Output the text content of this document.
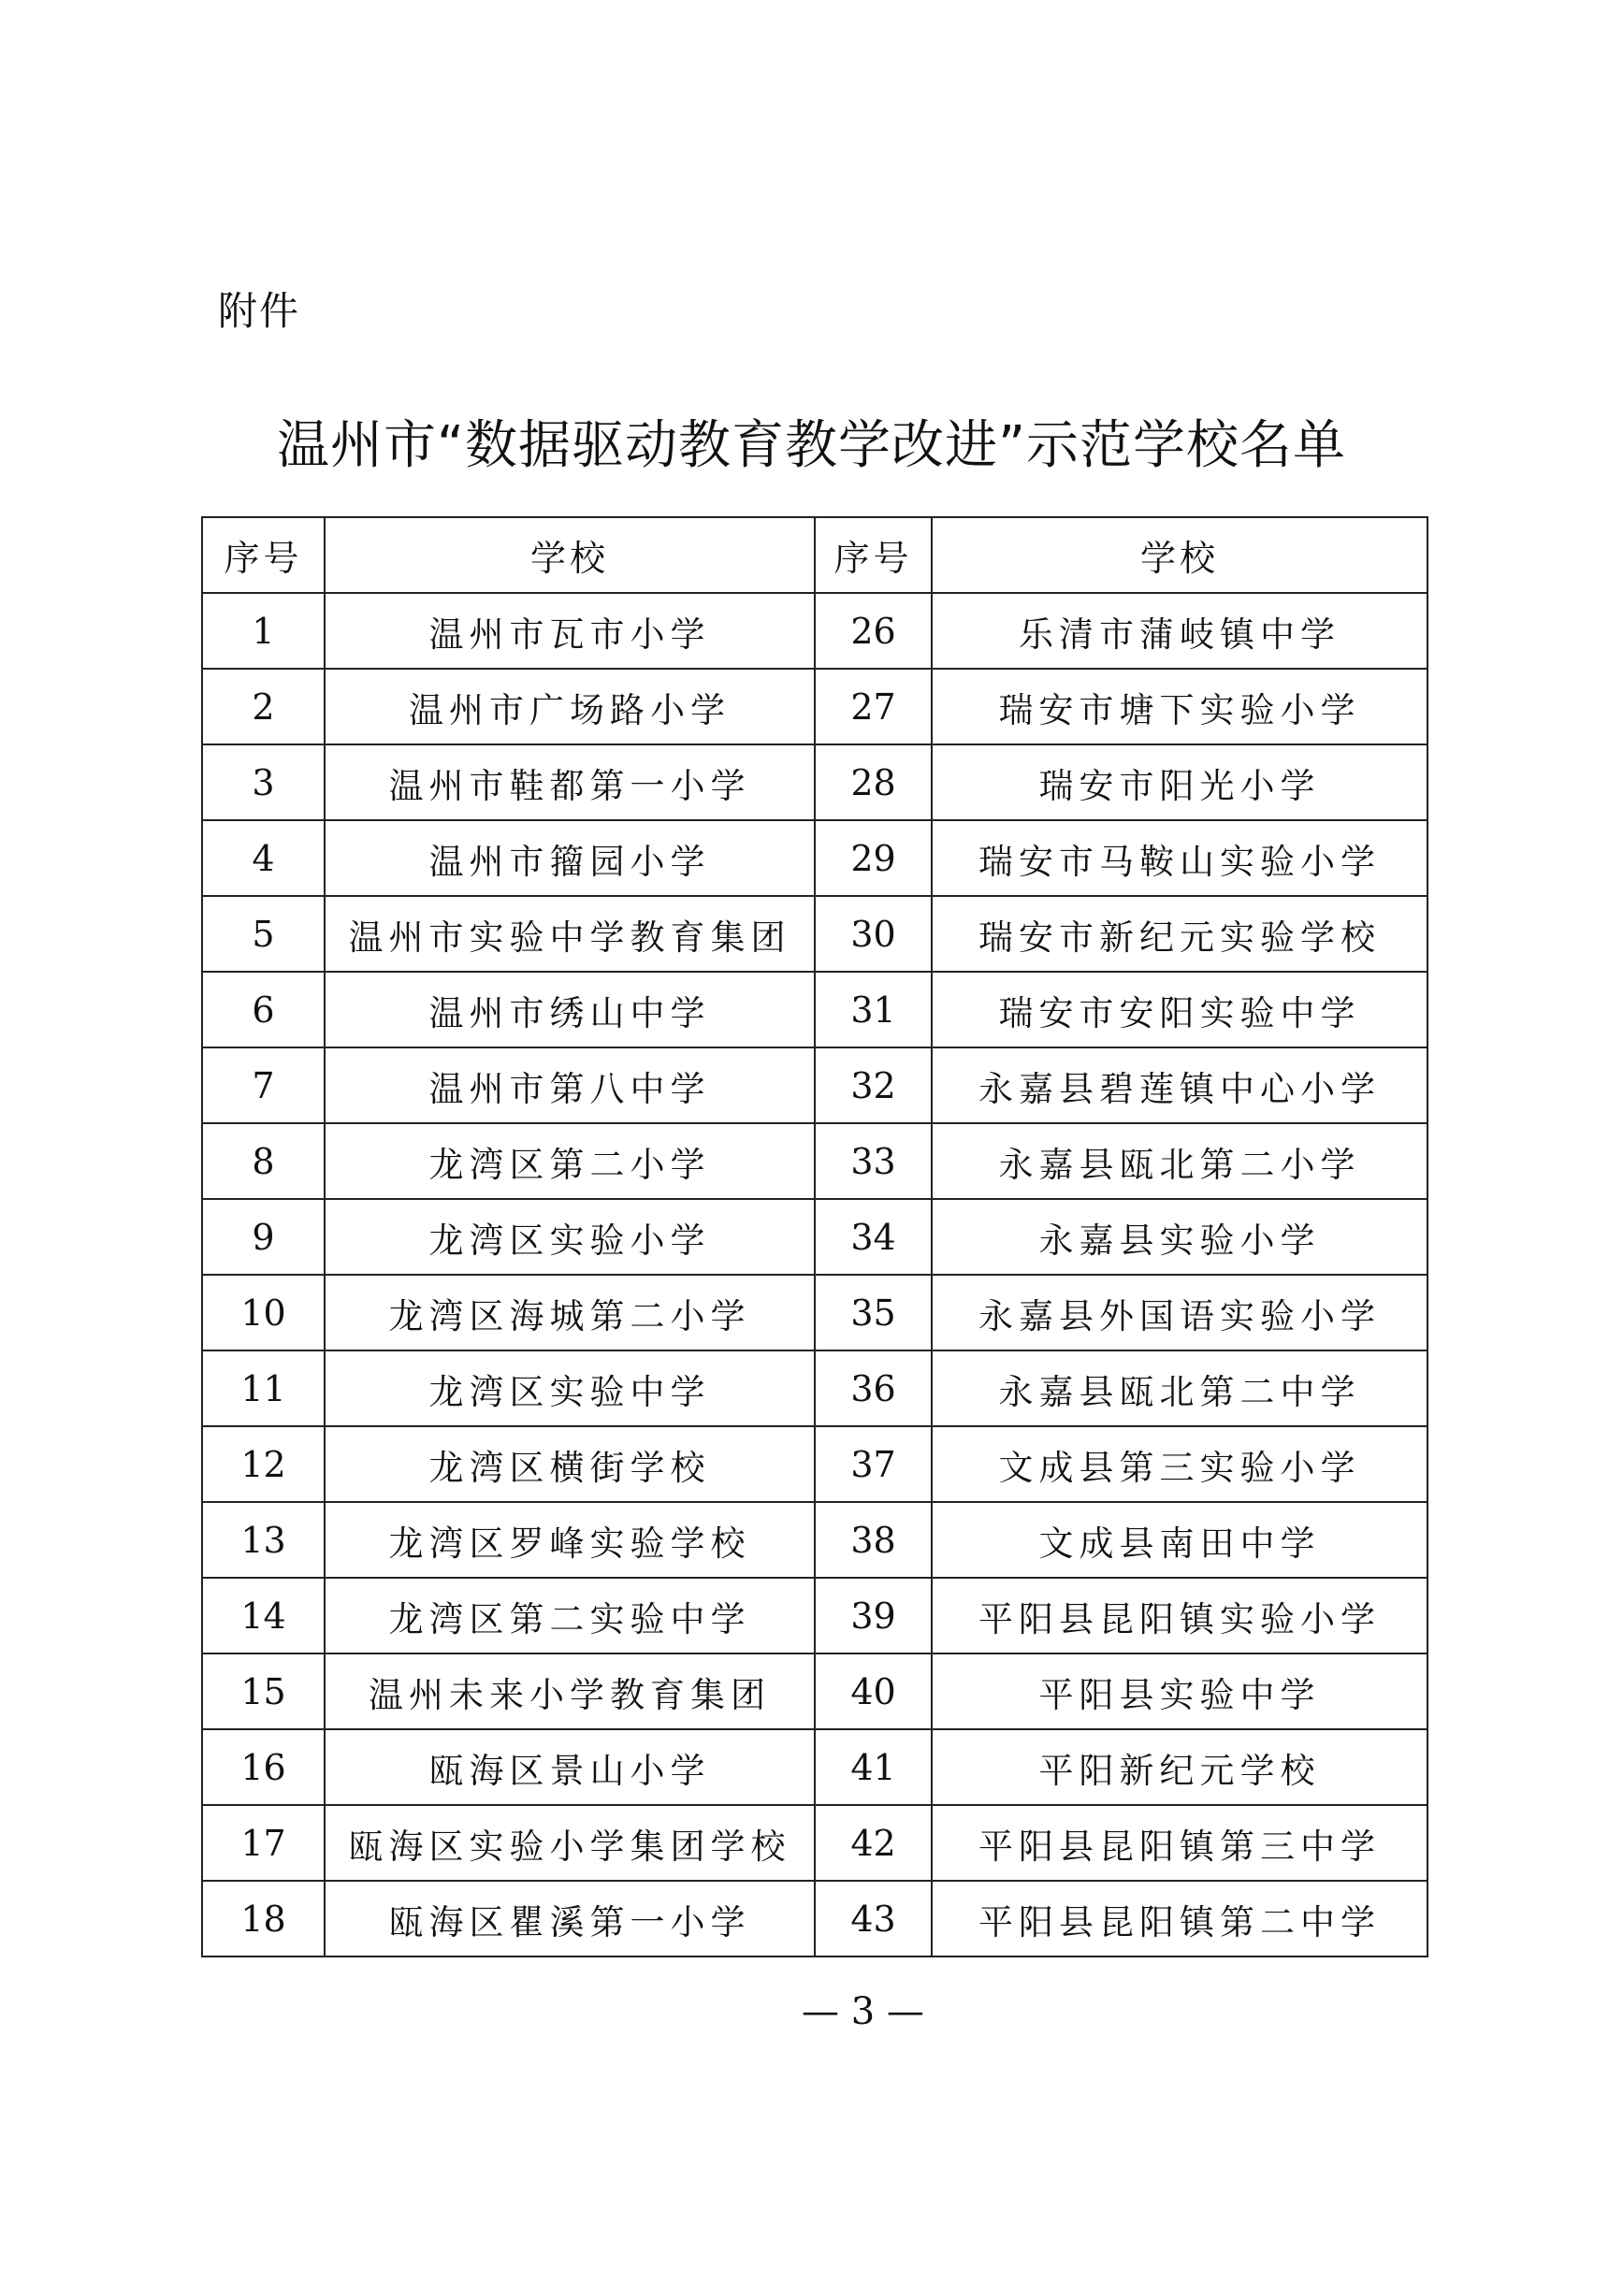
附件
温州市“数据驱动教育教学改进”示范学校名单
序号	学校	序号	学校
1	温州市瓦市小学	26	乐清市蒲岐镇中学
2	温州市广场路小学	27	瑞安市塘下实验小学
3	温州市鞋都第一小学	28	瑞安市阳光小学
4	温州市籀园小学	29	瑞安市马鞍山实验小学
5	温州市实验中学教育集团	30	瑞安市新纪元实验学校
6	温州市绣山中学	31	瑞安市安阳实验中学
7	温州市第八中学	32	永嘉县碧莲镇中心小学
8	龙湾区第二小学	33	永嘉县瓯北第二小学
9	龙湾区实验小学	34	永嘉县实验小学
10	龙湾区海城第二小学	35	永嘉县外国语实验小学
11	龙湾区实验中学	36	永嘉县瓯北第二中学
12	龙湾区横街学校	37	文成县第三实验小学
13	龙湾区罗峰实验学校	38	文成县南田中学
14	龙湾区第二实验中学	39	平阳县昆阳镇实验小学
15	温州未来小学教育集团	40	平阳县实验中学
16	瓯海区景山小学	41	平阳新纪元学校
17	瓯海区实验小学集团学校	42	平阳县昆阳镇第三中学
18	瓯海区瞿溪第一小学	43	平阳县昆阳镇第二中学
— 3 —
